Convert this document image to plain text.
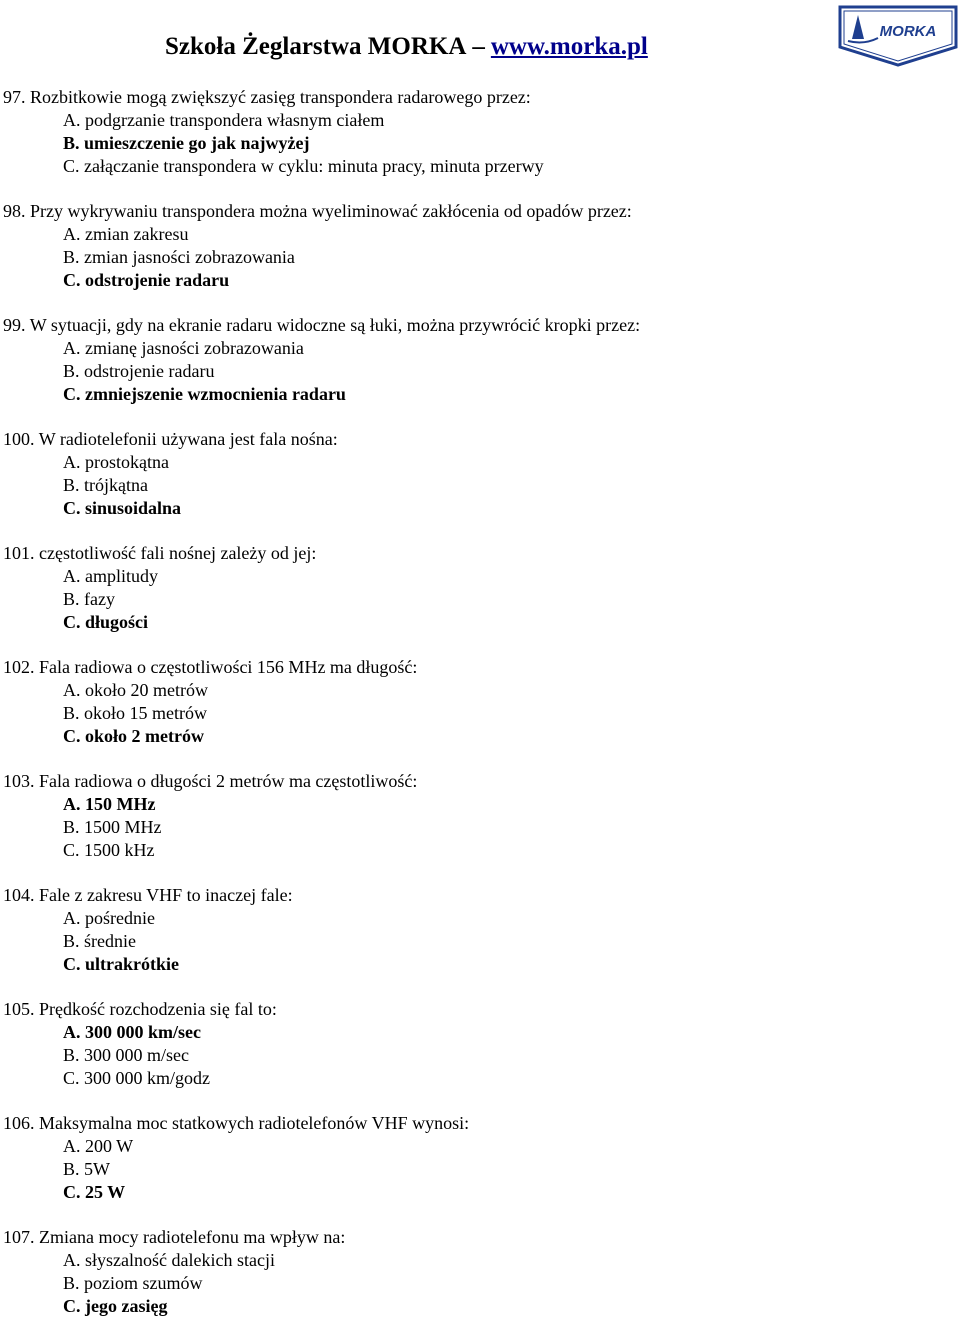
Szkoła Żeglarstwa MORKA – www.morka.pl
MORKA
97. Rozbitkowie mogą zwiększyć zasięg transpondera radarowego przez:
A. podgrzanie transpondera własnym ciałem
B. umieszczenie go jak najwyżej
C. załączanie transpondera w cyklu: minuta pracy, minuta przerwy
98. Przy wykrywaniu transpondera można wyeliminować zakłócenia od opadów przez:
A. zmian zakresu
B. zmian jasności zobrazowania
C. odstrojenie radaru
99. W sytuacji, gdy na ekranie radaru widoczne są łuki, można przywrócić kropki przez:
A. zmianę jasności zobrazowania
B. odstrojenie radaru
C. zmniejszenie wzmocnienia radaru
100. W radiotelefonii używana jest fala nośna:
A. prostokątna
B. trójkątna
C. sinusoidalna
101. częstotliwość fali nośnej zależy od jej:
A. amplitudy
B. fazy
C. długości
102. Fala radiowa o częstotliwości 156 MHz ma długość:
A. około 20 metrów
B. około 15 metrów
C. około 2 metrów
103. Fala radiowa o długości 2 metrów ma częstotliwość:
A. 150 MHz
B. 1500 MHz
C. 1500 kHz
104. Fale z zakresu VHF to inaczej fale:
A. pośrednie
B. średnie
C. ultrakrótkie
105. Prędkość rozchodzenia się fal to:
A. 300 000 km/sec
B. 300 000 m/sec
C. 300 000 km/godz
106. Maksymalna moc statkowych radiotelefonów VHF wynosi:
A. 200 W
B. 5W
C. 25 W
107. Zmiana mocy radiotelefonu ma wpływ na:
A. słyszalność dalekich stacji
B. poziom szumów
C. jego zasięg
